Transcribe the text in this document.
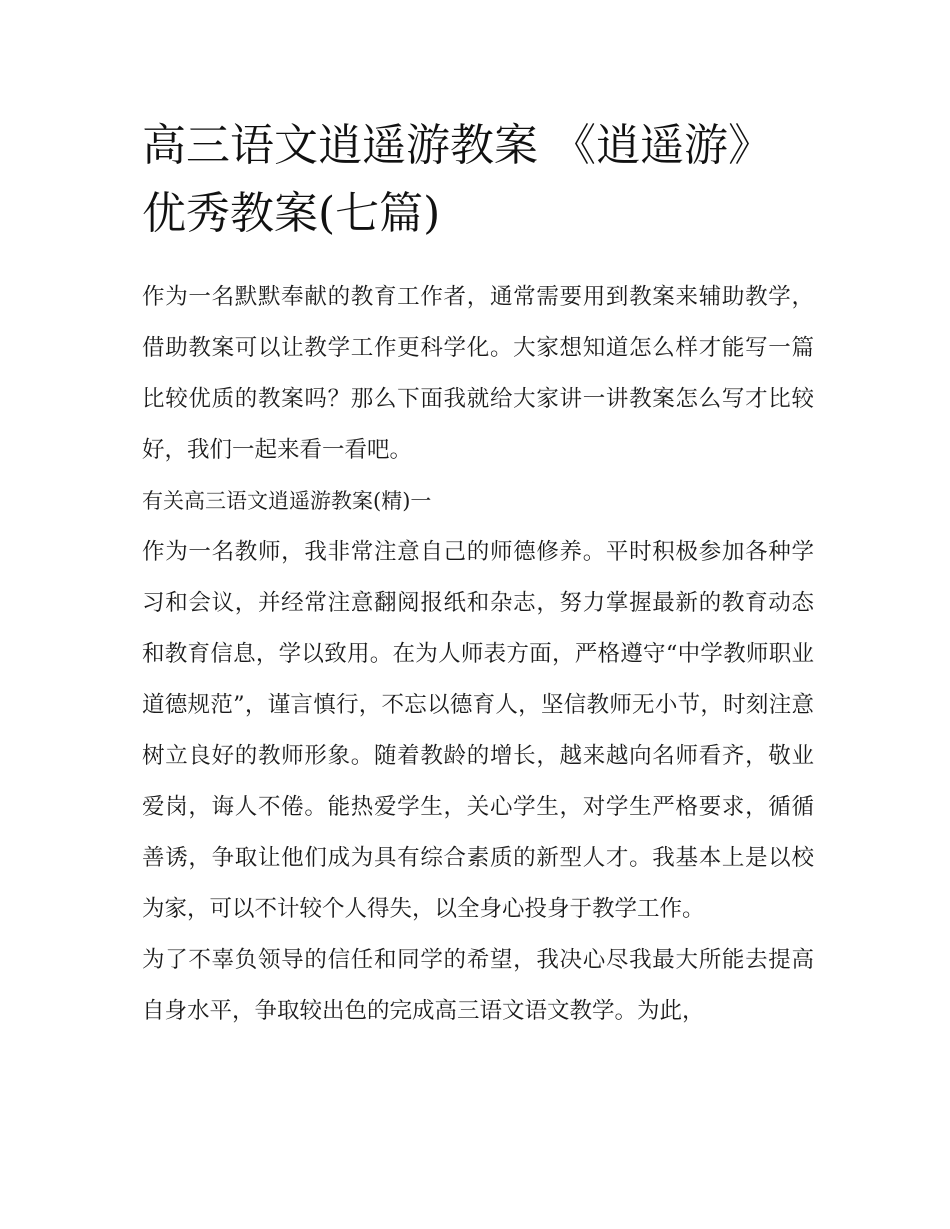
高三语文逍遥游教案 《逍遥游》优秀教案(七篇)

作为一名默默奉献的教育工作者，通常需要用到教案来辅助教学，借助教案可以让教学工作更科学化。大家想知道怎么样才能写一篇比较优质的教案吗？那么下面我就给大家讲一讲教案怎么写才比较好，我们一起来看一看吧。

有关高三语文逍遥游教案(精)一

作为一名教师，我非常注意自己的师德修养。平时积极参加各种学习和会议，并经常注意翻阅报纸和杂志，努力掌握最新的教育动态和教育信息，学以致用。在为人师表方面，严格遵守“中学教师职业道德规范”，谨言慎行，不忘以德育人，坚信教师无小节，时刻注意树立良好的教师形象。随着教龄的增长，越来越向名师看齐，敬业爱岗，诲人不倦。能热爱学生，关心学生，对学生严格要求，循循善诱，争取让他们成为具有综合素质的新型人才。我基本上是以校为家，可以不计较个人得失，以全身心投身于教学工作。

为了不辜负领导的信任和同学的希望，我决心尽我最大所能去提高自身水平，争取较出色的完成高三语文语文教学。为此，
